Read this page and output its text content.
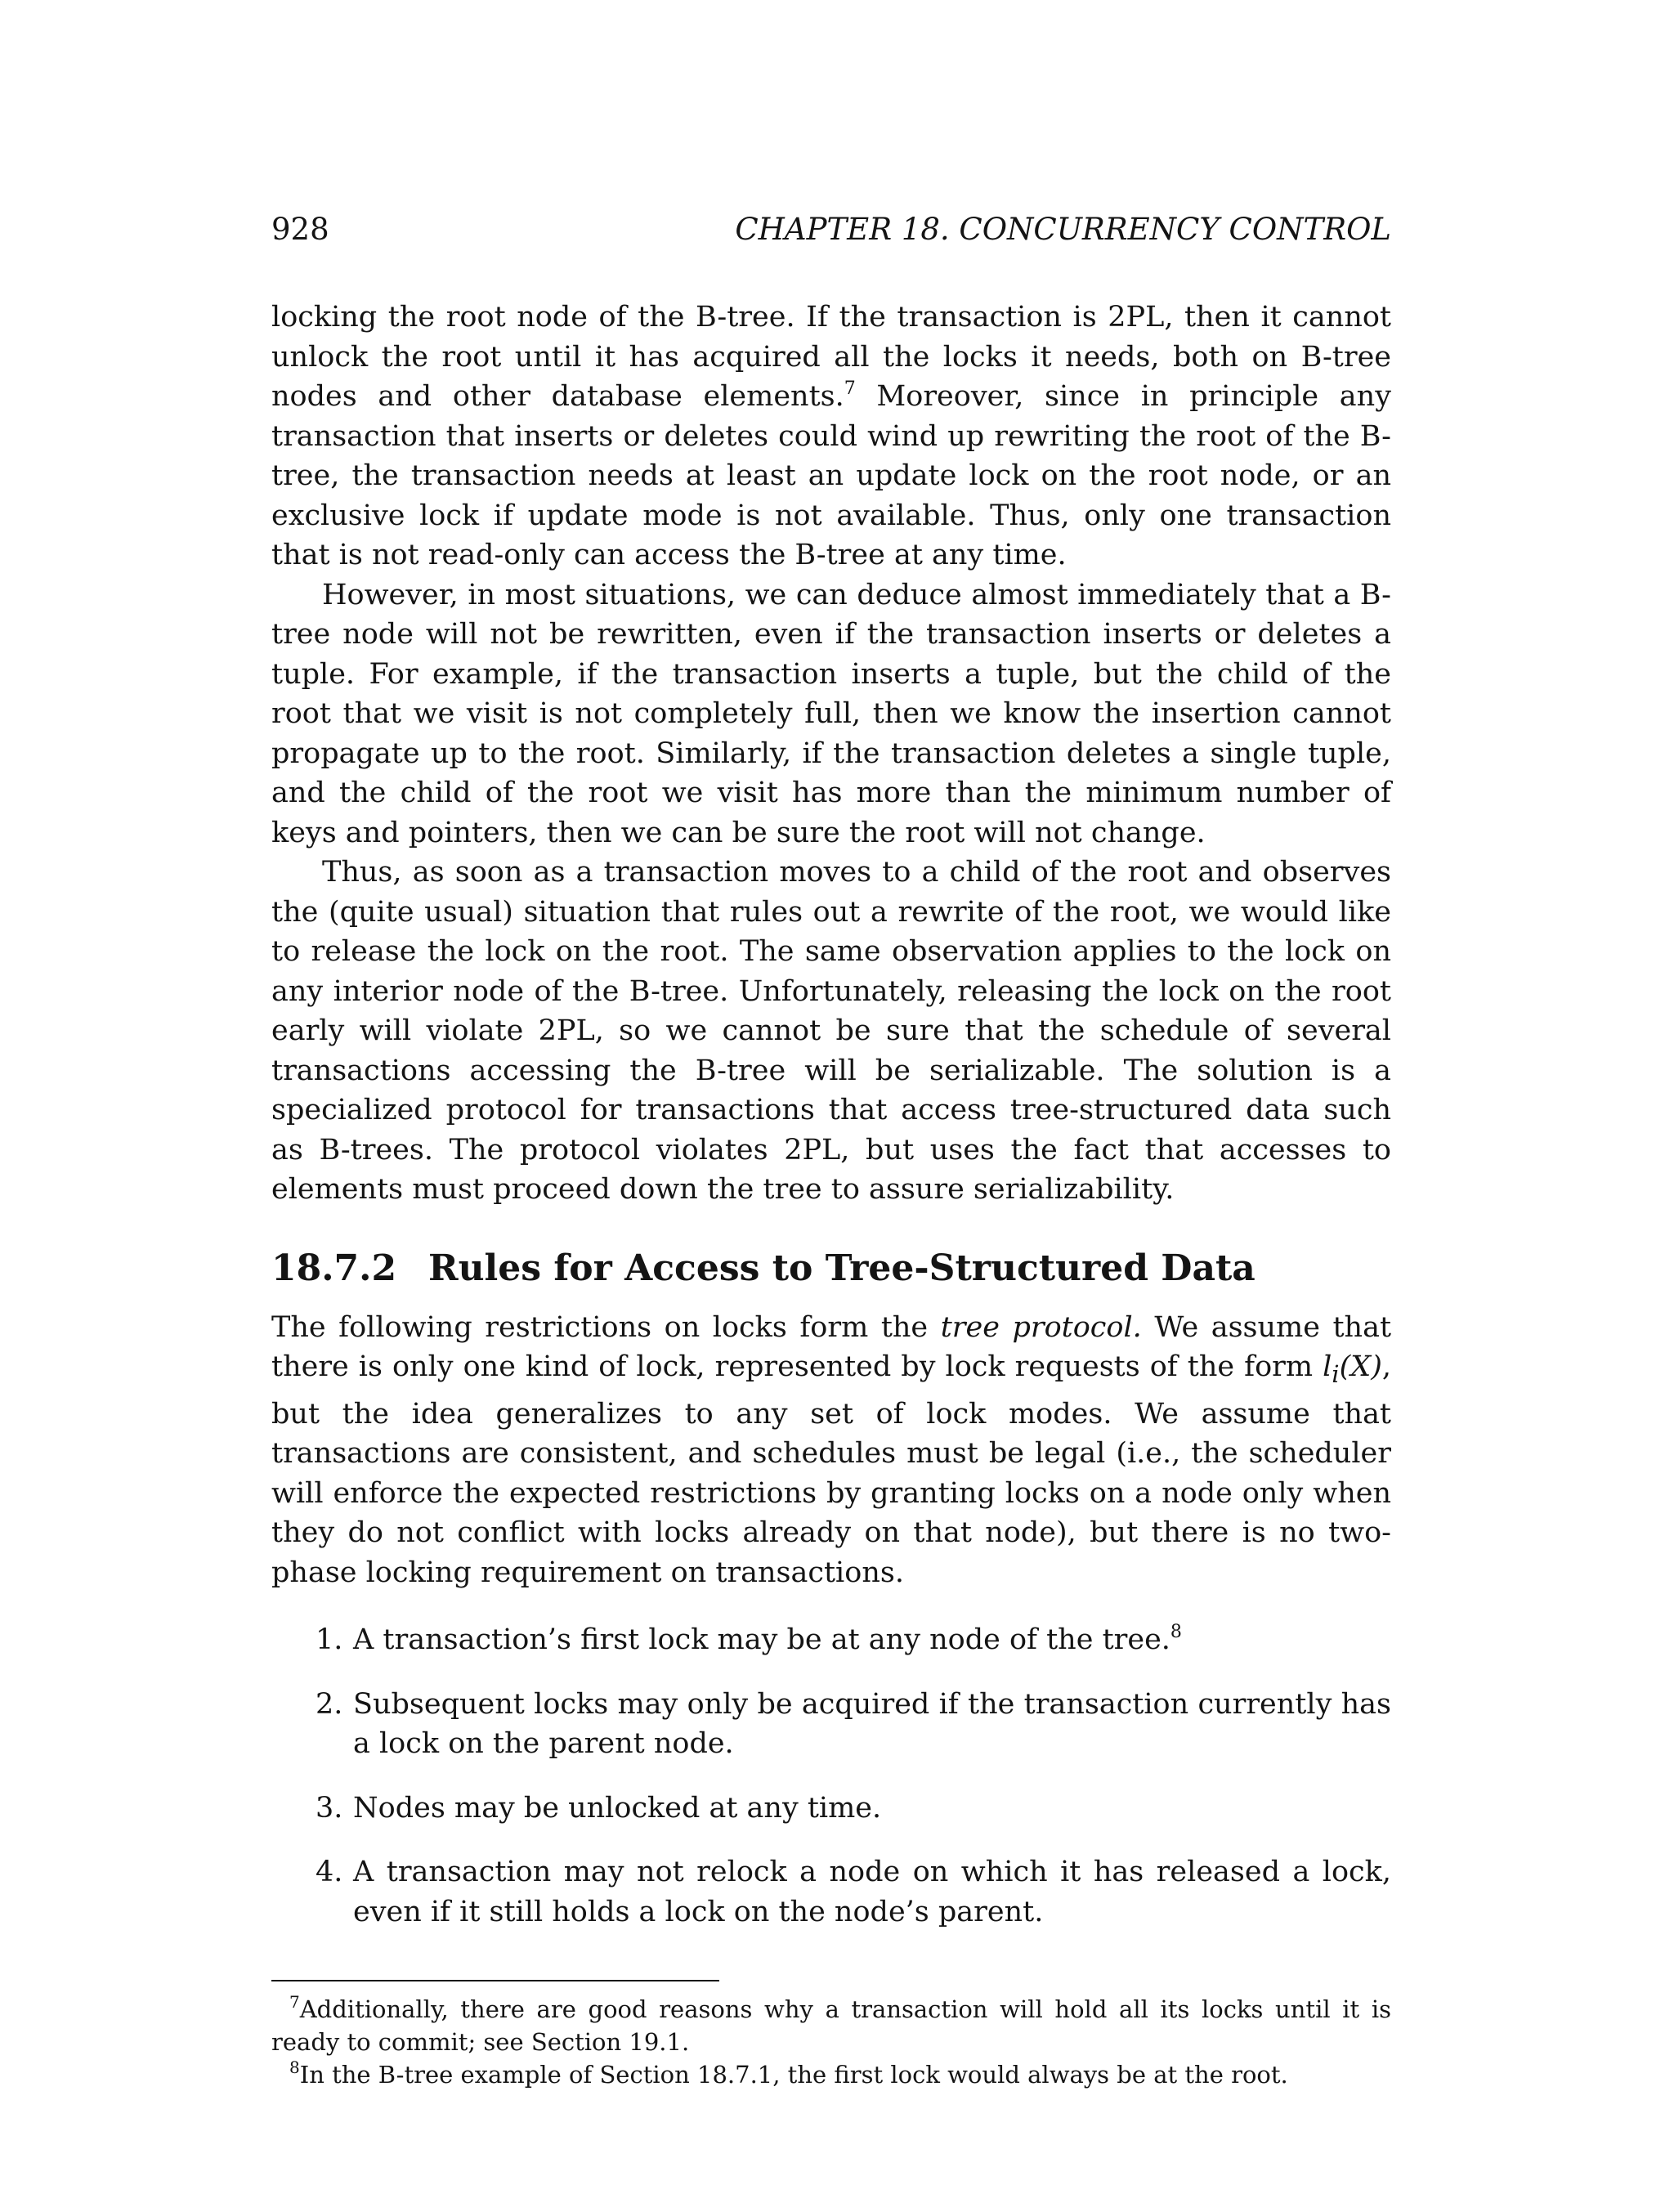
928	CHAPTER 18. CONCURRENCY CONTROL

locking the root node of the B-tree. If the transaction is 2PL, then it cannot unlock the root until it has acquired all the locks it needs, both on B-tree nodes and other database elements.$^7$ Moreover, since in principle any transaction that inserts or deletes could wind up rewriting the root of the B-tree, the transaction needs at least an update lock on the root node, or an exclusive lock if update mode is not available. Thus, only one transaction that is not read-only can access the B-tree at any time.

However, in most situations, we can deduce almost immediately that a B-tree node will not be rewritten, even if the transaction inserts or deletes a tuple. For example, if the transaction inserts a tuple, but the child of the root that we visit is not completely full, then we know the insertion cannot propagate up to the root. Similarly, if the transaction deletes a single tuple, and the child of the root we visit has more than the minimum number of keys and pointers, then we can be sure the root will not change.

Thus, as soon as a transaction moves to a child of the root and observes the (quite usual) situation that rules out a rewrite of the root, we would like to release the lock on the root. The same observation applies to the lock on any interior node of the B-tree. Unfortunately, releasing the lock on the root early will violate 2PL, so we cannot be sure that the schedule of several transactions accessing the B-tree will be serializable. The solution is a specialized protocol for transactions that access tree-structured data such as B-trees. The protocol violates 2PL, but uses the fact that accesses to elements must proceed down the tree to assure serializability.

18.7.2 Rules for Access to Tree-Structured Data

The following restrictions on locks form the tree protocol. We assume that there is only one kind of lock, represented by lock requests of the form $l_i(X)$, but the idea generalizes to any set of lock modes. We assume that transactions are consistent, and schedules must be legal (i.e., the scheduler will enforce the expected restrictions by granting locks on a node only when they do not conflict with locks already on that node), but there is no two-phase locking requirement on transactions.

1. A transaction’s first lock may be at any node of the tree.$^8$
2. Subsequent locks may only be acquired if the transaction currently has a lock on the parent node.
3. Nodes may be unlocked at any time.
4. A transaction may not relock a node on which it has released a lock, even if it still holds a lock on the node’s parent.

$^7$Additionally, there are good reasons why a transaction will hold all its locks until it is ready to commit; see Section 19.1.

$^8$In the B-tree example of Section 18.7.1, the first lock would always be at the root.
